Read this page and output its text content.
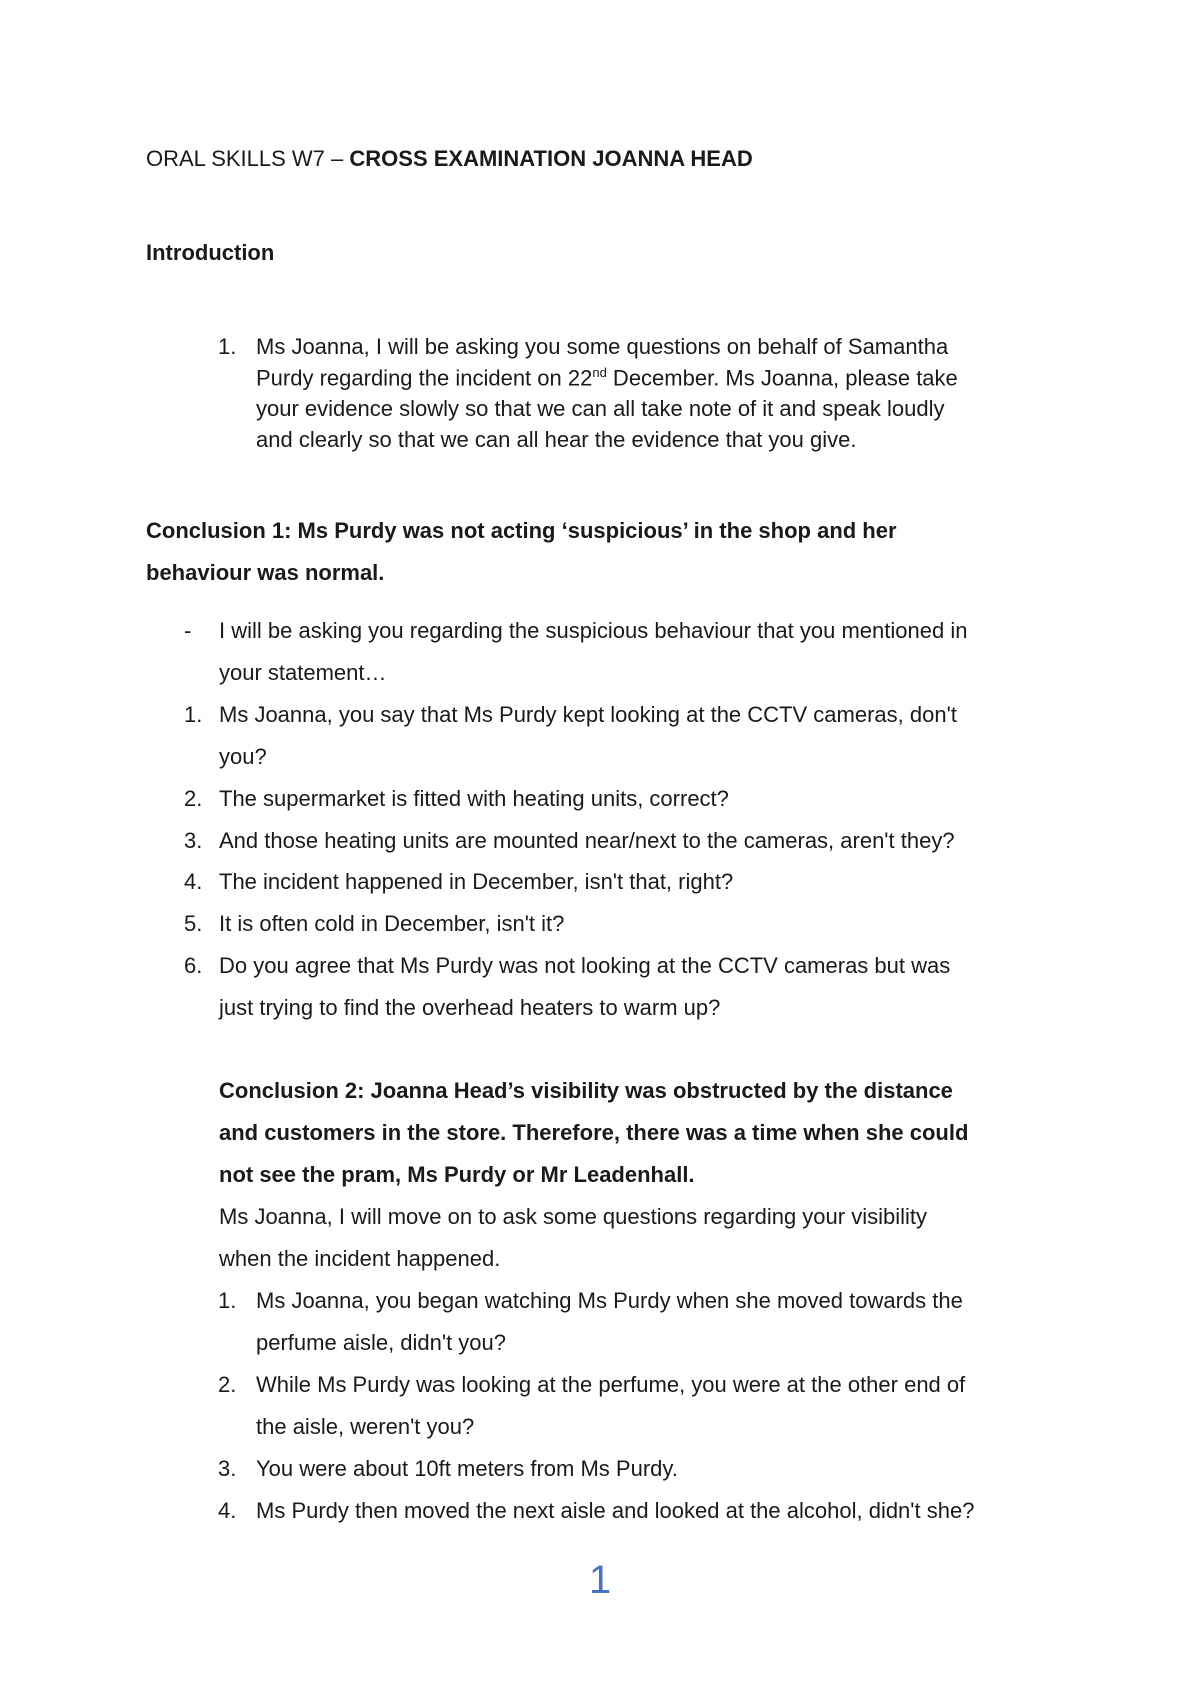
ORAL SKILLS W7 – CROSS EXAMINATION JOANNA HEAD
Introduction
1. Ms Joanna, I will be asking you some questions on behalf of Samantha
Purdy regarding the incident on 22nd December. Ms Joanna, please take
your evidence slowly so that we can all take note of it and speak loudly
and clearly so that we can all hear the evidence that you give.
Conclusion 1: Ms Purdy was not acting ‘suspicious’ in the shop and her
behaviour was normal.
- I will be asking you regarding the suspicious behaviour that you mentioned in
your statement…
1. Ms Joanna, you say that Ms Purdy kept looking at the CCTV cameras, don't
you?
2. The supermarket is fitted with heating units, correct?
3. And those heating units are mounted near/next to the cameras, aren't they?
4. The incident happened in December, isn't that, right?
5. It is often cold in December, isn't it?
6. Do you agree that Ms Purdy was not looking at the CCTV cameras but was
just trying to find the overhead heaters to warm up?
Conclusion 2: Joanna Head’s visibility was obstructed by the distance
and customers in the store. Therefore, there was a time when she could
not see the pram, Ms Purdy or Mr Leadenhall.
Ms Joanna, I will move on to ask some questions regarding your visibility
when the incident happened.
1. Ms Joanna, you began watching Ms Purdy when she moved towards the
perfume aisle, didn't you?
2. While Ms Purdy was looking at the perfume, you were at the other end of
the aisle, weren't you?
3. You were about 10ft meters from Ms Purdy.
4. Ms Purdy then moved the next aisle and looked at the alcohol, didn't she?
1
